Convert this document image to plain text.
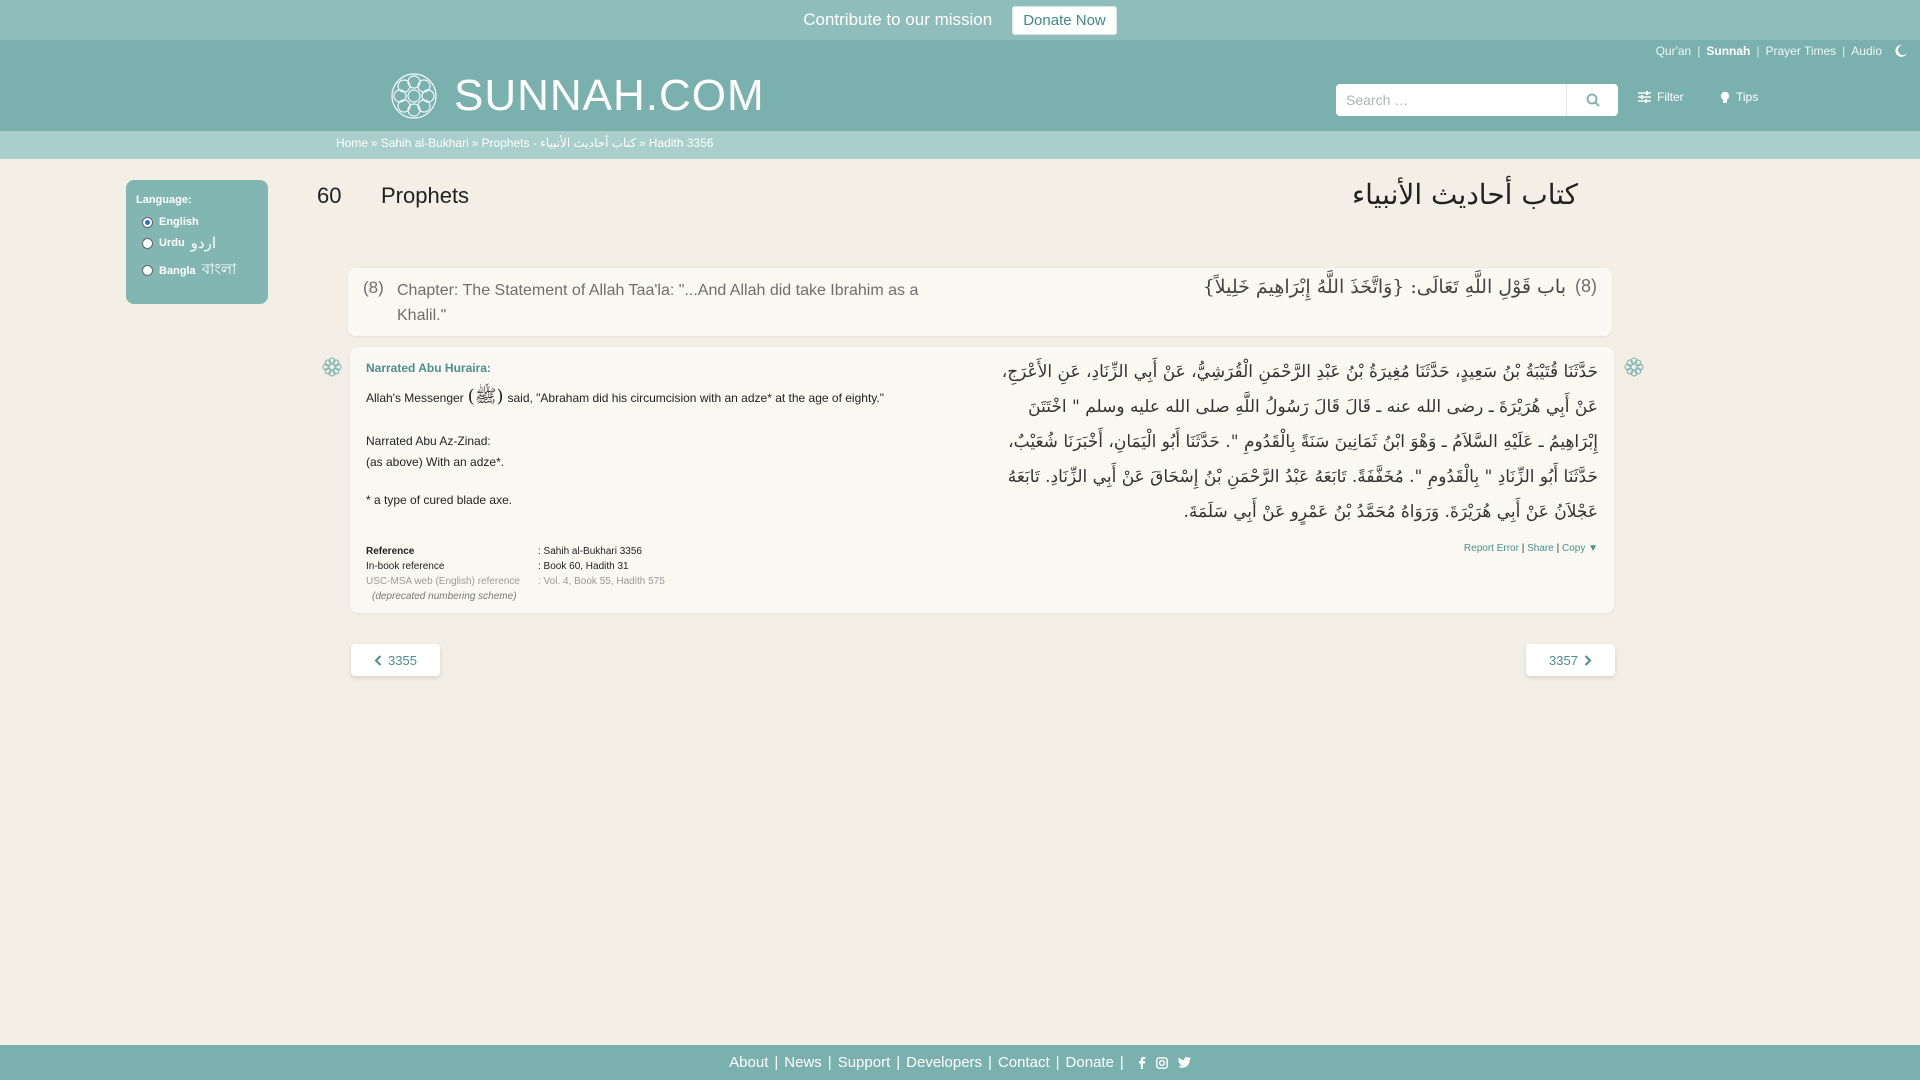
Contribute to our mission	Donate Now
Qur'an | Sunnah | Prayer Times | Audio
SUNNAH.COM
Search …	Filter	Tips
Home » Sahih al-Bukhari » Prophets - كتاب أحاديث الأنبياء » Hadith 3356
Language:
English
Urdu اردو
Bangla বাংলা
60 Prophets	كتاب أحاديث الأنبياء
(8) Chapter: The Statement of Allah Taa'la: "...And Allah did take Ibrahim as a Khalil."
(8)
باب قَوْلِ اللَّهِ تَعَالَى: {وَاتَّخَذَ اللَّهُ إِبْرَاهِيمَ خَلِيلاً}
Narrated Abu Huraira:
Allah's Messenger (ﷺ) said, "Abraham did his circumcision with an adze* at the age of eighty."
Narrated Abu Az-Zinad:
(as above) With an adze*.
* a type of cured blade axe.
حَدَّثَنَا قُتَيْبَةُ بْنُ سَعِيدٍ، حَدَّثَنَا مُغِيرَةُ بْنُ عَبْدِ الرَّحْمَنِ الْقُرَشِيُّ، عَنْ أَبِي الزِّنَادِ، عَنِ الأَعْرَجِ، عَنْ أَبِي هُرَيْرَةَ ـ رضى الله عنه ـ قَالَ قَالَ رَسُولُ اللَّهِ صلى الله عليه وسلم ‏"‏ اخْتَتَنَ إِبْرَاهِيمُ ـ عَلَيْهِ السَّلاَمُ ـ وَهْوَ ابْنُ ثَمَانِينَ سَنَةً بِالْقَدُومِ ‏"‏‏.‏ حَدَّثَنَا أَبُو الْيَمَانِ، أَخْبَرَنَا شُعَيْبٌ، حَدَّثَنَا أَبُو الزِّنَادِ ‏"‏ بِالْقَدُومِ ‏"‏‏.‏ مُخَفَّفَةً‏.‏ تَابَعَهُ عَبْدُ الرَّحْمَنِ بْنُ إِسْحَاقَ عَنْ أَبِي الزِّنَادِ‏.‏ تَابَعَهُ عَجْلاَنُ عَنْ أَبِي هُرَيْرَةَ‏.‏ وَرَوَاهُ مُحَمَّدُ بْنُ عَمْرٍو عَنْ أَبِي سَلَمَةَ‏.‏
Reference	: Sahih al-Bukhari 3356
In-book reference	: Book 60, Hadith 31
USC-MSA web (English) reference	: Vol. 4, Book 55, Hadith 575
(deprecated numbering scheme)	
Report Error | Share | Copy ▼
3355	3357
About | News | Support | Developers | Contact | Donate |
